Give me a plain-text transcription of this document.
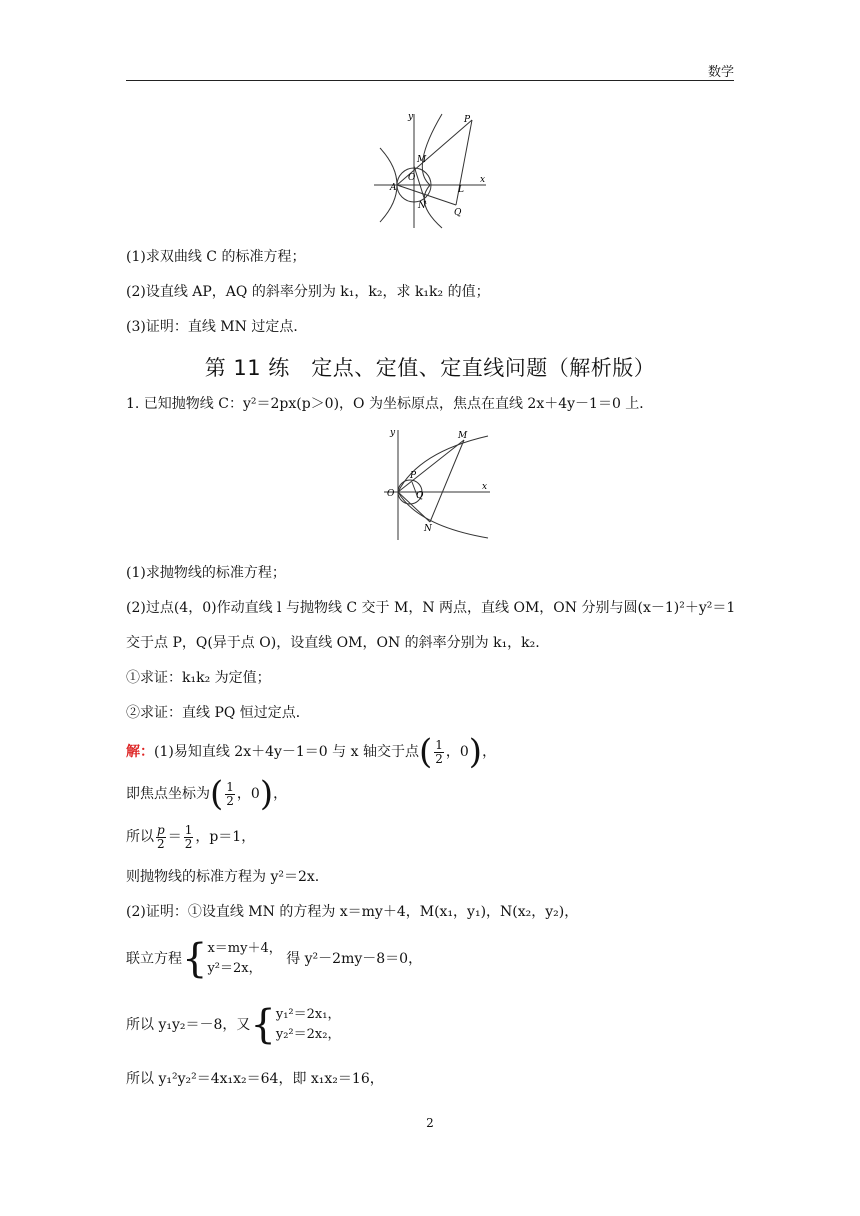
数学
y
x
P
M
O
A	L
N
Q
(1)求双曲线 C 的标准方程；
(2)设直线 AP，AQ 的斜率分别为 k₁，k₂，求 k₁k₂ 的值；
(3)证明：直线 MN 过定点．
第 11 练　定点、定值、定直线问题（解析版）
1. 已知抛物线 C：y²＝2px(p＞0)，O 为坐标原点，焦点在直线 2x＋4y－1＝0 上．
y
x
M
P
O Q
N
(1)求抛物线的标准方程；
(2)过点(4，0)作动直线 l 与抛物线 C 交于 M，N 两点，直线 OM，ON 分别与圆(x－1)²＋y²＝1
交于点 P，Q(异于点 O)，设直线 OM，ON 的斜率分别为 k₁，k₂.
①求证：k₁k₂ 为定值；
②求证：直线 PQ 恒过定点．
解：(1)易知直线 2x＋4y－1＝0 与 x 轴交于点( $\frac{1}{2}$ ，0)，
即焦点坐标为( $\frac{1}{2}$ ，0)，
所以 $\frac{p}{2} = \frac{1}{2}$ ，p＝1，
则抛物线的标准方程为 y²＝2x.
(2)证明：①设直线 MN 的方程为 x＝my＋4，M(x₁，y₁)，N(x₂，y₂)，
联立方程{ x＝my＋4，
y²＝2x，
得 y²－2my－8＝0，
所以 y₁y₂＝－8，又{ y₁²＝2x₁，
y₂²＝2x₂，
所以 y₁²y₂²＝4x₁x₂＝64，即 x₁x₂＝16，
2
